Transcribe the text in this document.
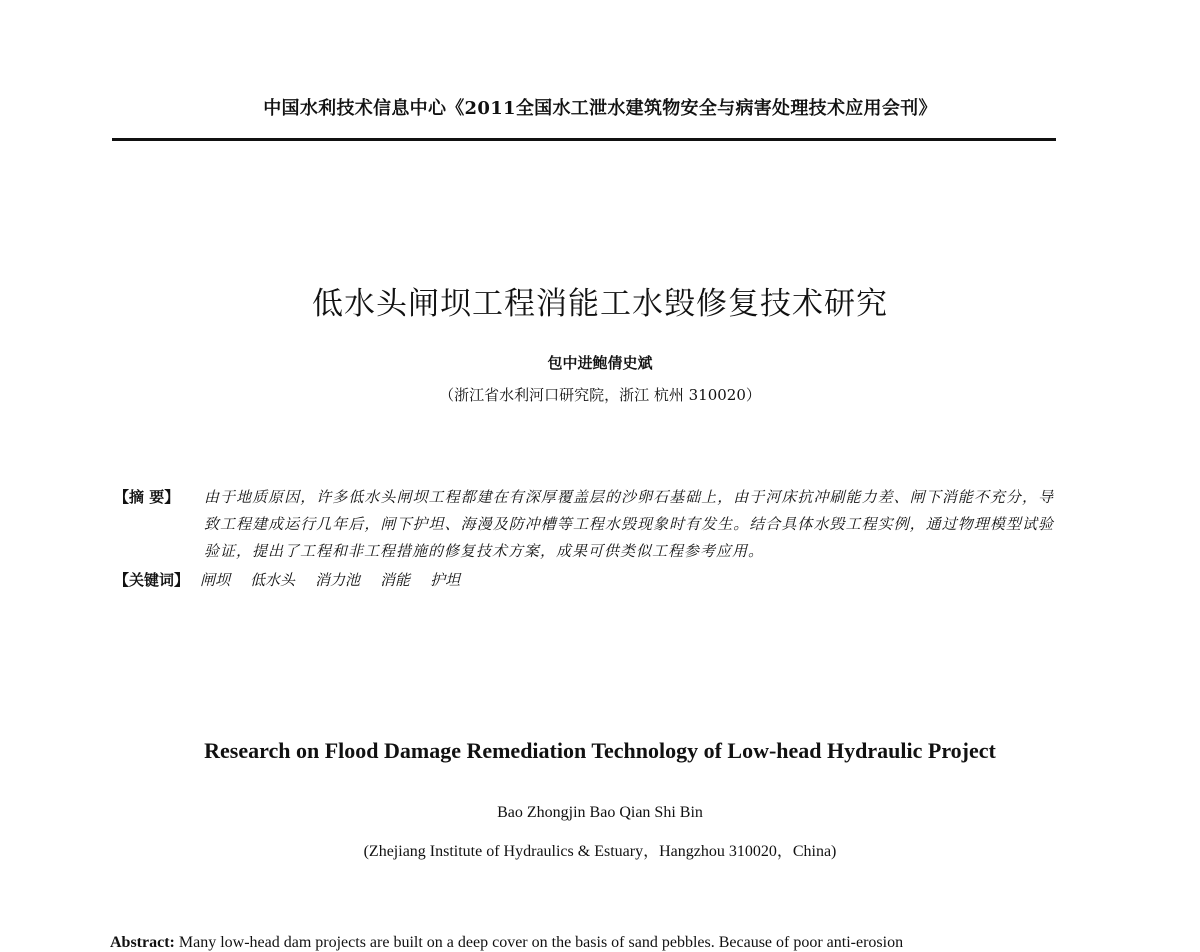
中国水利技术信息中心《2011全国水工泄水建筑物安全与病害处理技术应用会刊》
低水头闸坝工程消能工水毁修复技术研究
包中进鲍倩史斌
（浙江省水利河口研究院，浙江 杭州 310020）
【摘 要】	由于地质原因，许多低水头闸坝工程都建在有深厚覆盖层的沙卵石基础上，由于河床抗冲刷能力差、闸下消能不充分，导致工程建成运行几年后，闸下护坦、海漫及防冲槽等工程水毁现象时有发生。结合具体水毁工程实例，通过物理模型试验验证，提出了工程和非工程措施的修复技术方案，成果可供类似工程参考应用。
【关键词】 闸坝 低水头 消力池 消能 护坦
Research on Flood Damage Remediation Technology of Low-head Hydraulic Project
Bao Zhongjin Bao Qian Shi Bin
(Zhejiang Institute of Hydraulics & Estuary，Hangzhou 310020，China)
Abstract: Many low-head dam projects are built on a deep cover on the basis of sand pebbles. Because of poor anti-erosion
